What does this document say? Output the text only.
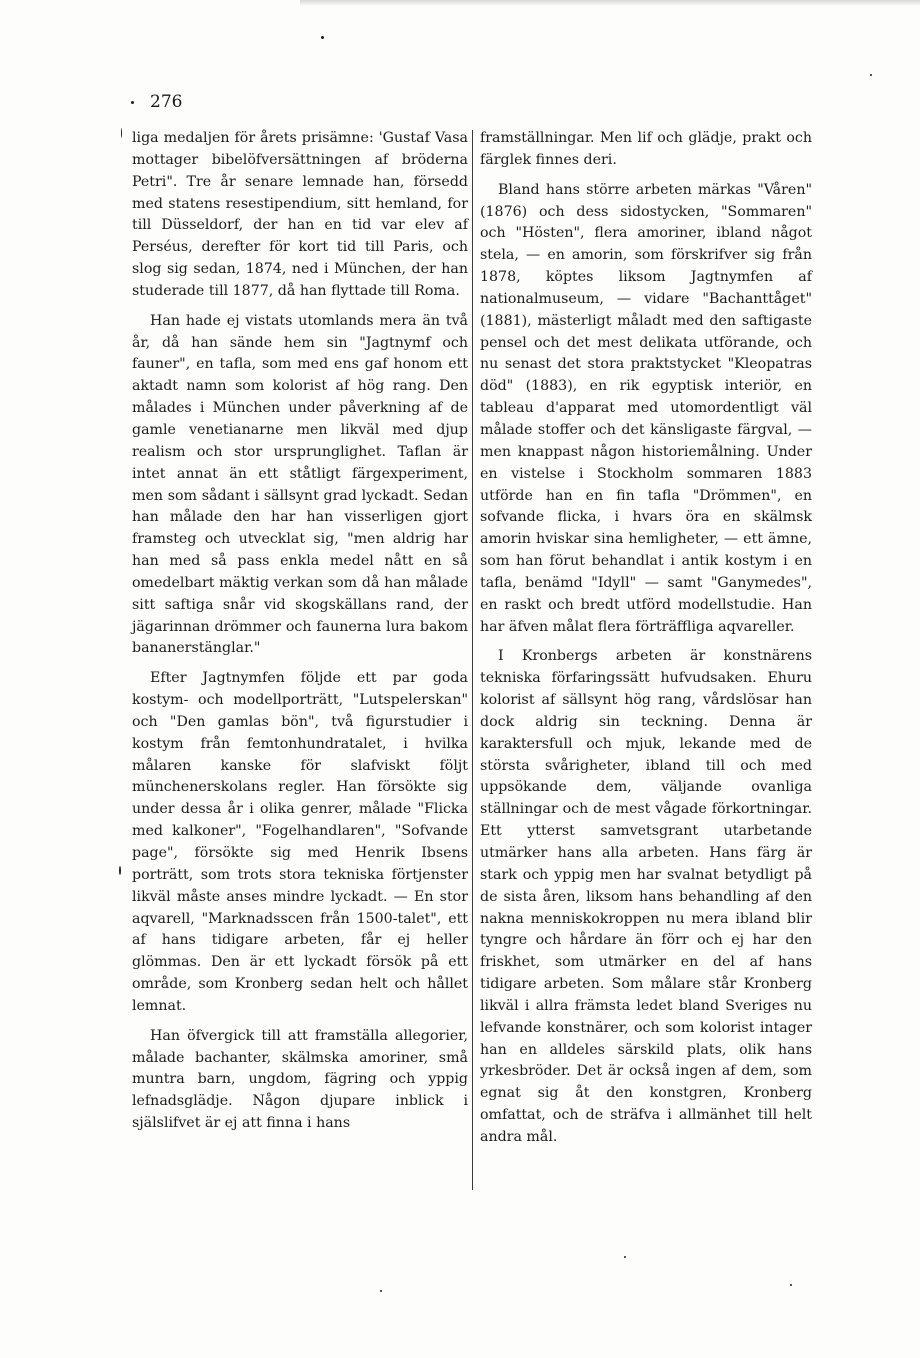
276

liga medaljen för årets prisämne: 'Gustaf Vasa mottager bibelöfversättningen af bröderna Petri". Tre år senare lemnade han, försedd med statens resestipendium, sitt hemland, for till Düsseldorf, der han en tid var elev af Perséus, derefter för kort tid till Paris, och slog sig sedan, 1874, ned i München, der han studerade till 1877, då han flyttade till Roma.

Han hade ej vistats utomlands mera än två år, då han sände hem sin "Jagtnymf och fauner", en tafla, som med ens gaf honom ett aktadt namn som kolorist af hög rang. Den målades i München under påverkning af de gamle venetianarne men likväl med djup realism och stor ursprunglighet. Taflan är intet annat än ett ståtligt färgexperiment, men som sådant i sällsynt grad lyckadt. Sedan han målade den har han visserligen gjort framsteg och utvecklat sig, "men aldrig har han med så pass enkla medel nått en så omedelbart mäktig verkan som då han målade sitt saftiga snår vid skogskällans rand, der jägarinnan drömmer och faunerna lura bakom bananerstänglar."

Efter Jagtnymfen följde ett par goda kostym- och modellporträtt, "Lutspelerskan" och "Den gamlas bön", två figurstudier i kostym från femtonhundratalet, i hvilka målaren kanske för slafviskt följt münchenerskolans regler. Han försökte sig under dessa år i olika genrer, målade "Flicka med kalkoner", "Fogelhandlaren", "Sofvande page", försökte sig med Henrik Ibsens porträtt, som trots stora tekniska förtjenster likväl måste anses mindre lyckadt. — En stor aqvarell, "Marknadsscen från 1500-talet", ett af hans tidigare arbeten, får ej heller glömmas. Den är ett lyckadt försök på ett område, som Kronberg sedan helt och hållet lemnat.

Han öfvergick till att framställa allegorier, målade bachanter, skälmska amoriner, små muntra barn, ungdom, fägring och yppig lefnadsglädje. Någon djupare inblick i själslifvet är ej att finna i hans

framställningar. Men lif och glädje, prakt och färglek finnes deri.

Bland hans större arbeten märkas "Våren" (1876) och dess sidostycken, "Sommaren" och "Hösten", flera amoriner, ibland något stela, — en amorin, som förskrifver sig från 1878, köptes liksom Jagtnymfen af nationalmuseum, — vidare "Bachanttåget" (1881), mästerligt måladt med den saftigaste pensel och det mest delikata utförande, och nu senast det stora praktstycket "Kleopatras död" (1883), en rik egyptisk interiör, en tableau d'apparat med utomordentligt väl målade stoffer och det känsligaste färgval, — men knappast någon historiemålning. Under en vistelse i Stockholm sommaren 1883 utförde han en fin tafla "Drömmen", en sofvande flicka, i hvars öra en skälmsk amorin hviskar sina hemligheter, — ett ämne, som han förut behandlat i antik kostym i en tafla, benämd "Idyll" — samt "Ganymedes", en raskt och bredt utförd modellstudie. Han har äfven målat flera förträffliga aqvareller.

I Kronbergs arbeten är konstnärens tekniska förfaringssätt hufvudsaken. Ehuru kolorist af sällsynt hög rang, vårdslösar han dock aldrig sin teckning. Denna är karaktersfull och mjuk, lekande med de största svårigheter, ibland till och med uppsökande dem, väljande ovanliga ställningar och de mest vågade förkortningar. Ett ytterst samvetsgrant utarbetande utmärker hans alla arbeten. Hans färg är stark och yppig men har svalnat betydligt på de sista åren, liksom hans behandling af den nakna menniskokroppen nu mera ibland blir tyngre och hårdare än förr och ej har den friskhet, som utmärker en del af hans tidigare arbeten. Som målare står Kronberg likväl i allra främsta ledet bland Sveriges nu lefvande konstnärer, och som kolorist intager han en alldeles särskild plats, olik hans yrkesbröder. Det är också ingen af dem, som egnat sig åt den konstgren, Kronberg omfattat, och de sträfva i allmänhet till helt andra mål.
